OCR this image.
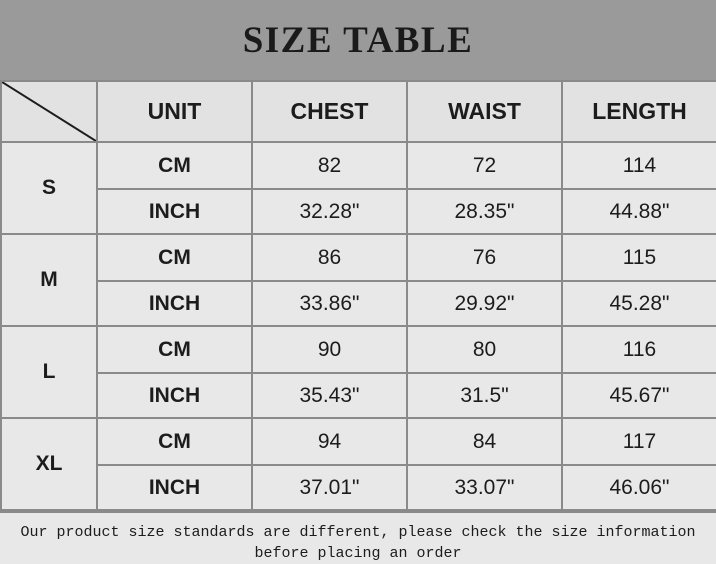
SIZE TABLE
	UNIT	CHEST	WAIST	LENGTH
S	CM	82	72	114
	INCH	32.28"	28.35"	44.88"
M	CM	86	76	115
	INCH	33.86"	29.92"	45.28"
L	CM	90	80	116
	INCH	35.43"	31.5"	45.67"
XL	CM	94	84	117
	INCH	37.01"	33.07"	46.06"
Our product size standards are different, please check the size information
before placing an order
